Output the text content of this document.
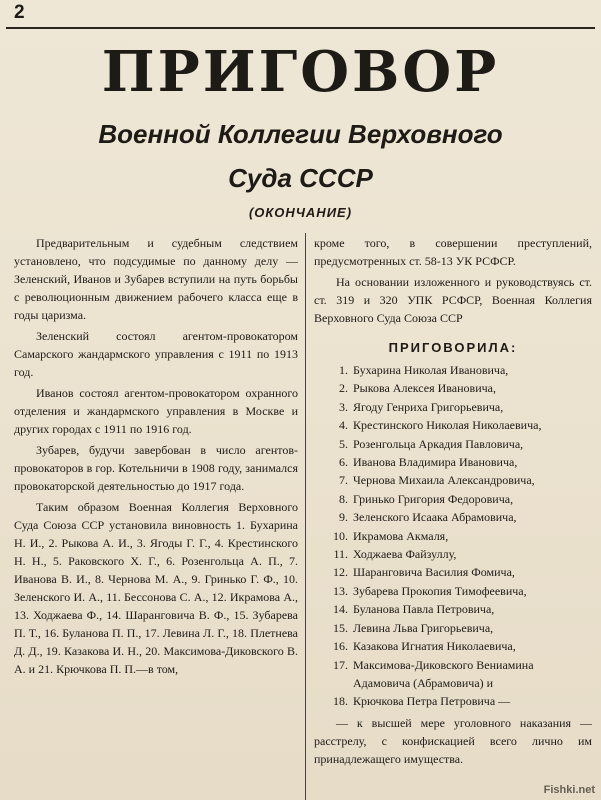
2
ПРИГОВОР
Военной Коллегии Верховного
Суда СССР
(ОКОНЧАНИЕ)

Предварительным и судебным следствием установлено, что подсудимые по данному делу — Зеленский, Иванов и Зубарев вступили на путь борьбы с революционным движением рабочего класса еще в годы царизма.

Зеленский состоял агентом-провокатором Самарского жандармского управления с 1911 по 1913 год.

Иванов состоял агентом-провокатором охранного отделения и жандармского управления в Москве и других городах с 1911 по 1916 год.

Зубарев, будучи завербован в число агентов-провокаторов в гор. Котельничи в 1908 году, занимался провокаторской деятельностью до 1917 года.

Таким образом Военная Коллегия Верховного Суда Союза ССР установила виновность 1. Бухарина Н. И., 2. Рыкова А. И., 3. Ягоды Г. Г., 4. Крестинского Н. Н., 5. Раковского Х. Г., 6. Розенгольца А. П., 7. Иванова В. И., 8. Чернова М. А., 9. Гринько Г. Ф., 10. Зеленского И. А., 11. Бессонова С. А., 12. Икрамова А., 13. Ходжаева Ф., 14. Шаранговича В. Ф., 15. Зубарева П. Т., 16. Буланова П. П., 17. Левина Л. Г., 18. Плетнева Д. Д., 19. Казакова И. Н., 20. Максимова-Диковского В. А. и 21. Крючкова П. П.—в том,

кроме того, в совершении преступлений, предусмотренных ст. 58-13 УК РСФСР.

На основании изложенного и руководствуясь ст. ст. 319 и 320 УПК РСФСР, Военная Коллегия Верховного Суда Союза ССР

ПРИГОВОРИЛА:
1. Бухарина Николая Ивановича,
2. Рыкова Алексея Ивановича,
3. Ягоду Генриха Григорьевича,
4. Крестинского Николая Николаевича,
5. Розенгольца Аркадия Павловича,
6. Иванова Владимира Ивановича,
7. Чернова Михаила Александровича,
8. Гринько Григория Федоровича,
9. Зеленского Исаака Абрамовича,
10. Икрамова Акмаля,
11. Ходжаева Файзуллу,
12. Шаранговича Василия Фомича,
13. Зубарева Прокопия Тимофеевича,
14. Буланова Павла Петровича,
15. Левина Льва Григорьевича,
16. Казакова Игнатия Николаевича,
17. Максимова-Диковского Вениамина
Адамовича (Абрамовича) и
18. Крючкова Петра Петровича —

— к высшей мере уголовного наказания — расстрелу, с конфискацией всего лично им принадлежащего имущества.

Fishki.net
